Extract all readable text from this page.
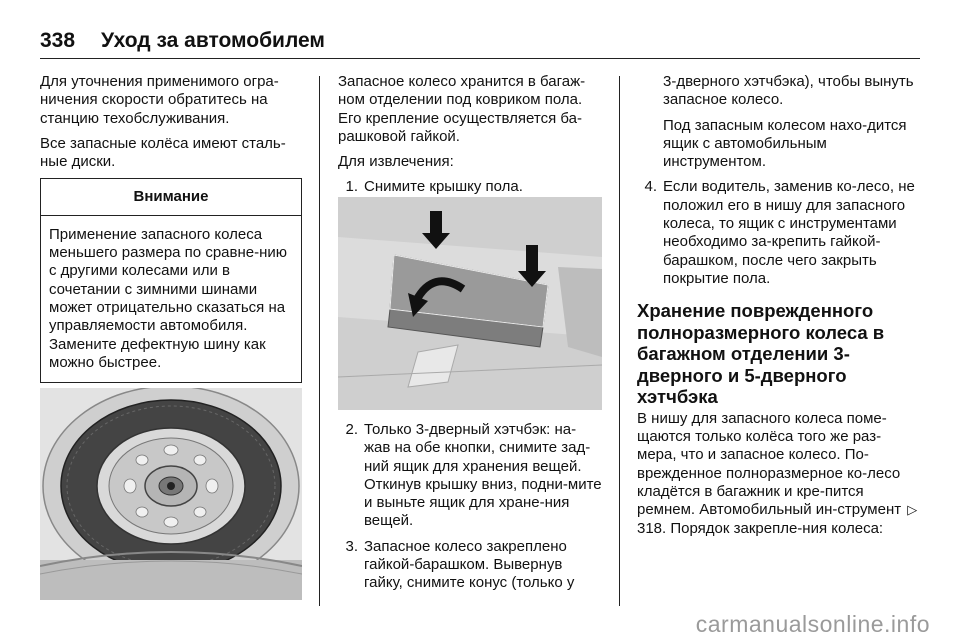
338 Уход за автомобилем

Для уточнения применимого огра-ничения скорости обратитесь на станцию техобслуживания.

Все запасные колёса имеют сталь-ные диски.

Внимание
Применение запасного колеса меньшего размера по сравне-нию с другими колесами или в сочетании с зимними шинами может отрицательно сказаться на управляемости автомобиля. Замените дефектную шину как можно быстрее.

Запасное колесо хранится в багаж-ном отделении под ковриком пола. Его крепление осуществляется ба-рашковой гайкой.

Для извлечения:

1. Снимите крышку пола.
2. Только 3-дверный хэтчбэк: на-жав на обе кнопки, снимите зад-ний ящик для хранения вещей. Откинув крышку вниз, подни-мите и выньте ящик для хране-ния вещей.
3. Запасное колесо закреплено гайкой-барашком. Вывернув гайку, снимите конус (только у

3-дверного хэтчбэка), чтобы вынуть запасное колесо.

Под запасным колесом нахо-дится ящик с автомобильным инструментом.

4. Если водитель, заменив ко-лесо, не положил его в нишу для запасного колеса, то ящик с инструментами необходимо за-крепить гайкой-барашком, после чего закрыть покрытие пола.
Хранение поврежденного полноразмерного колеса в багажном отделении 3-дверного и 5-дверного хэтчбэка

В нишу для запасного колеса поме-щаются только колёса того же раз-мера, что и запасное колесо. По-врежденное полноразмерное ко-лесо кладётся в багажник и кре-пится ремнем. Автомобильный ин-струмент ▷318. Порядок закрепле-ния колеса:

carmanualsonline.info
